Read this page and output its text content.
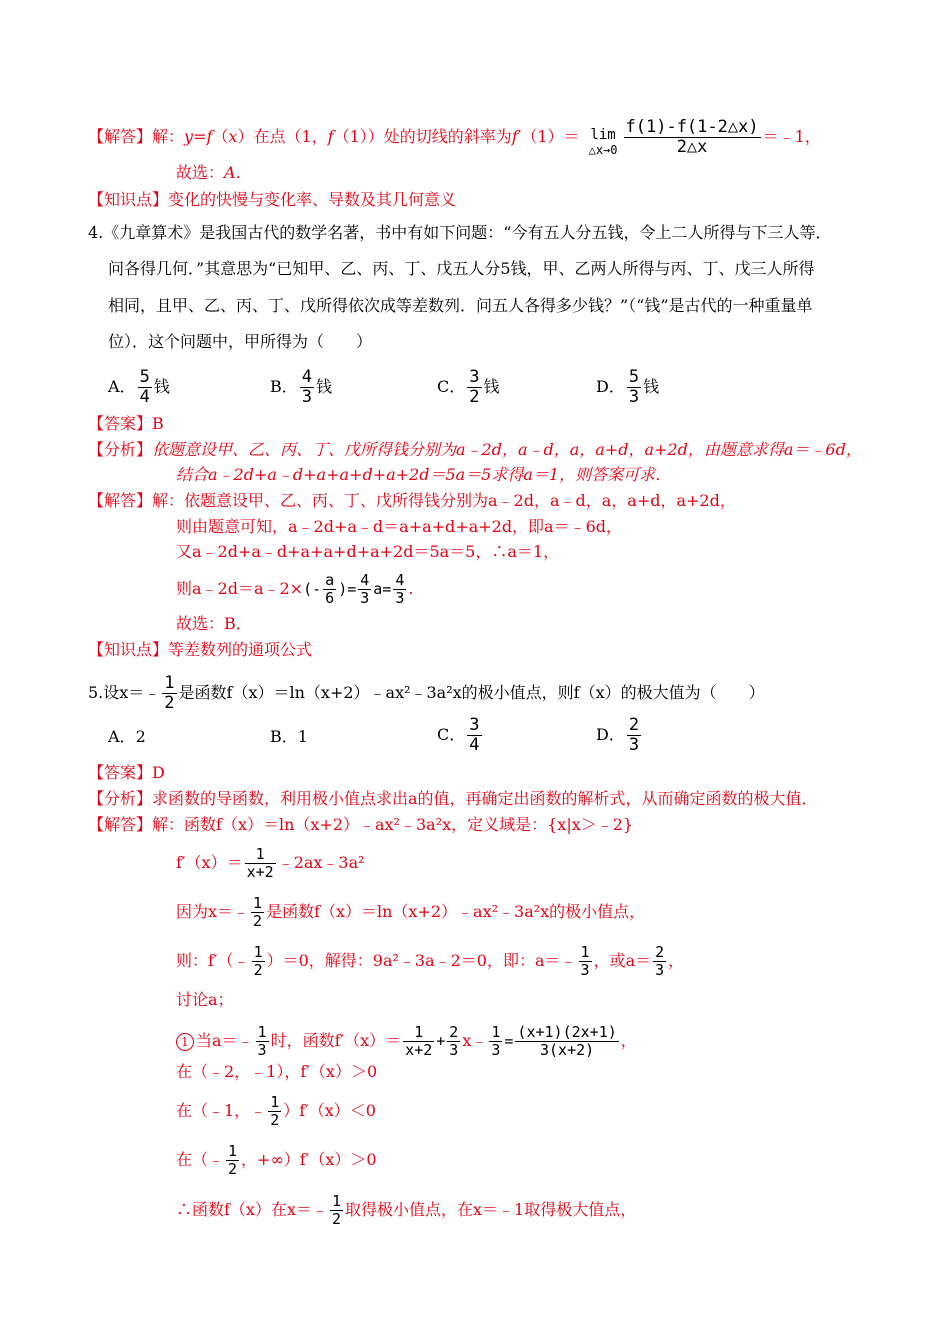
【解答】解：y=f（x）在点（1，f（1））处的切线的斜率为f′（1）＝ lim
△x→0 $\frac{f(1)-f(1-2\triangle x)}{2\triangle x}$ ＝﹣1，
故选：A．
【知识点】变化的快慢与变化率、导数及其几何意义
4.《九章算术》是我国古代的数学名著，书中有如下问题：“今有五人分五钱，令上二人所得与下三人等．
问各得几何．”其意思为“已知甲、乙、丙、丁、戊五人分5钱，甲、乙两人所得与丙、丁、戊三人所得
相同，且甲、乙、丙、丁、戊所得依次成等差数列．问五人各得多少钱？”（“钱”是古代的一种重量单
位）．这个问题中，甲所得为（　　）
A． $\frac{5}{4}$ 钱	B． $\frac{4}{3}$ 钱	C． $\frac{3}{2}$ 钱	D． $\frac{5}{3}$ 钱
【答案】B
【分析】依题意设甲、乙、丙、丁、戊所得钱分别为a﹣2d，a﹣d，a，a+d，a+2d，由题意求得a＝﹣6d，
结合a﹣2d+a﹣d+a+a+d+a+2d＝5a＝5求得a＝1，则答案可求．
【解答】解：依题意设甲、乙、丙、丁、戊所得钱分别为a﹣2d，a﹣d，a，a+d，a+2d，
则由题意可知，a﹣2d+a﹣d＝a+a+d+a+2d，即a＝﹣6d，
又a﹣2d+a﹣d+a+a+d+a+2d＝5a＝5，∴a＝1，
则a﹣2d＝a﹣2×(- $\frac{a}{6}$ )= $\frac{4}{3} a= \frac{4}{3}$ .
故选：B．
【知识点】等差数列的通项公式
5.设x＝﹣ $\frac{1}{2}$ 是函数f（x）＝ln（x+2）﹣ax²﹣3a²x的极小值点，则f（x）的极大值为（　　）
A．2	B．1	C． $\frac{3}{4}$	D． $\frac{2}{3}$
【答案】D
【分析】求函数的导函数，利用极小值点求出a的值，再确定出函数的解析式，从而确定函数的极大值．
【解答】解：函数f（x）＝ln（x+2）﹣ax²﹣3a²x，定义域是：{x|x＞﹣2}
$f'(x)= \frac{1}{x+2}$ ﹣2ax﹣3a²
因为x＝﹣ $\frac{1}{2}$ 是函数f（x）＝ln（x+2）﹣ax²﹣3a²x的极小值点，
则：f′（﹣ $\frac{1}{2} )=0$，解得：9a²﹣3a﹣2＝0，即：a＝﹣ $\frac{1}{3}$ ，或$a= \frac{2}{3}$ ，
讨论a；
1 当a＝﹣ $\frac{1}{3}$ 时，函数$f'(x)= \frac{1}{x+2} + \frac{2}{3}$ x﹣ $\frac{1}{3} = \frac{(x+1)(2x+1)}{3(x+2)}$ ，
在（﹣2，﹣1），f′（x）＞0
在（﹣1，﹣ $\frac{1}{2} )f'(x)<0$
在（﹣ $\frac{1}{2}$ ，+∞）f′（x）＞0
∴函数f（x）在x＝﹣ $\frac{1}{2}$ 取得极小值点，在x＝﹣1取得极大值点，
